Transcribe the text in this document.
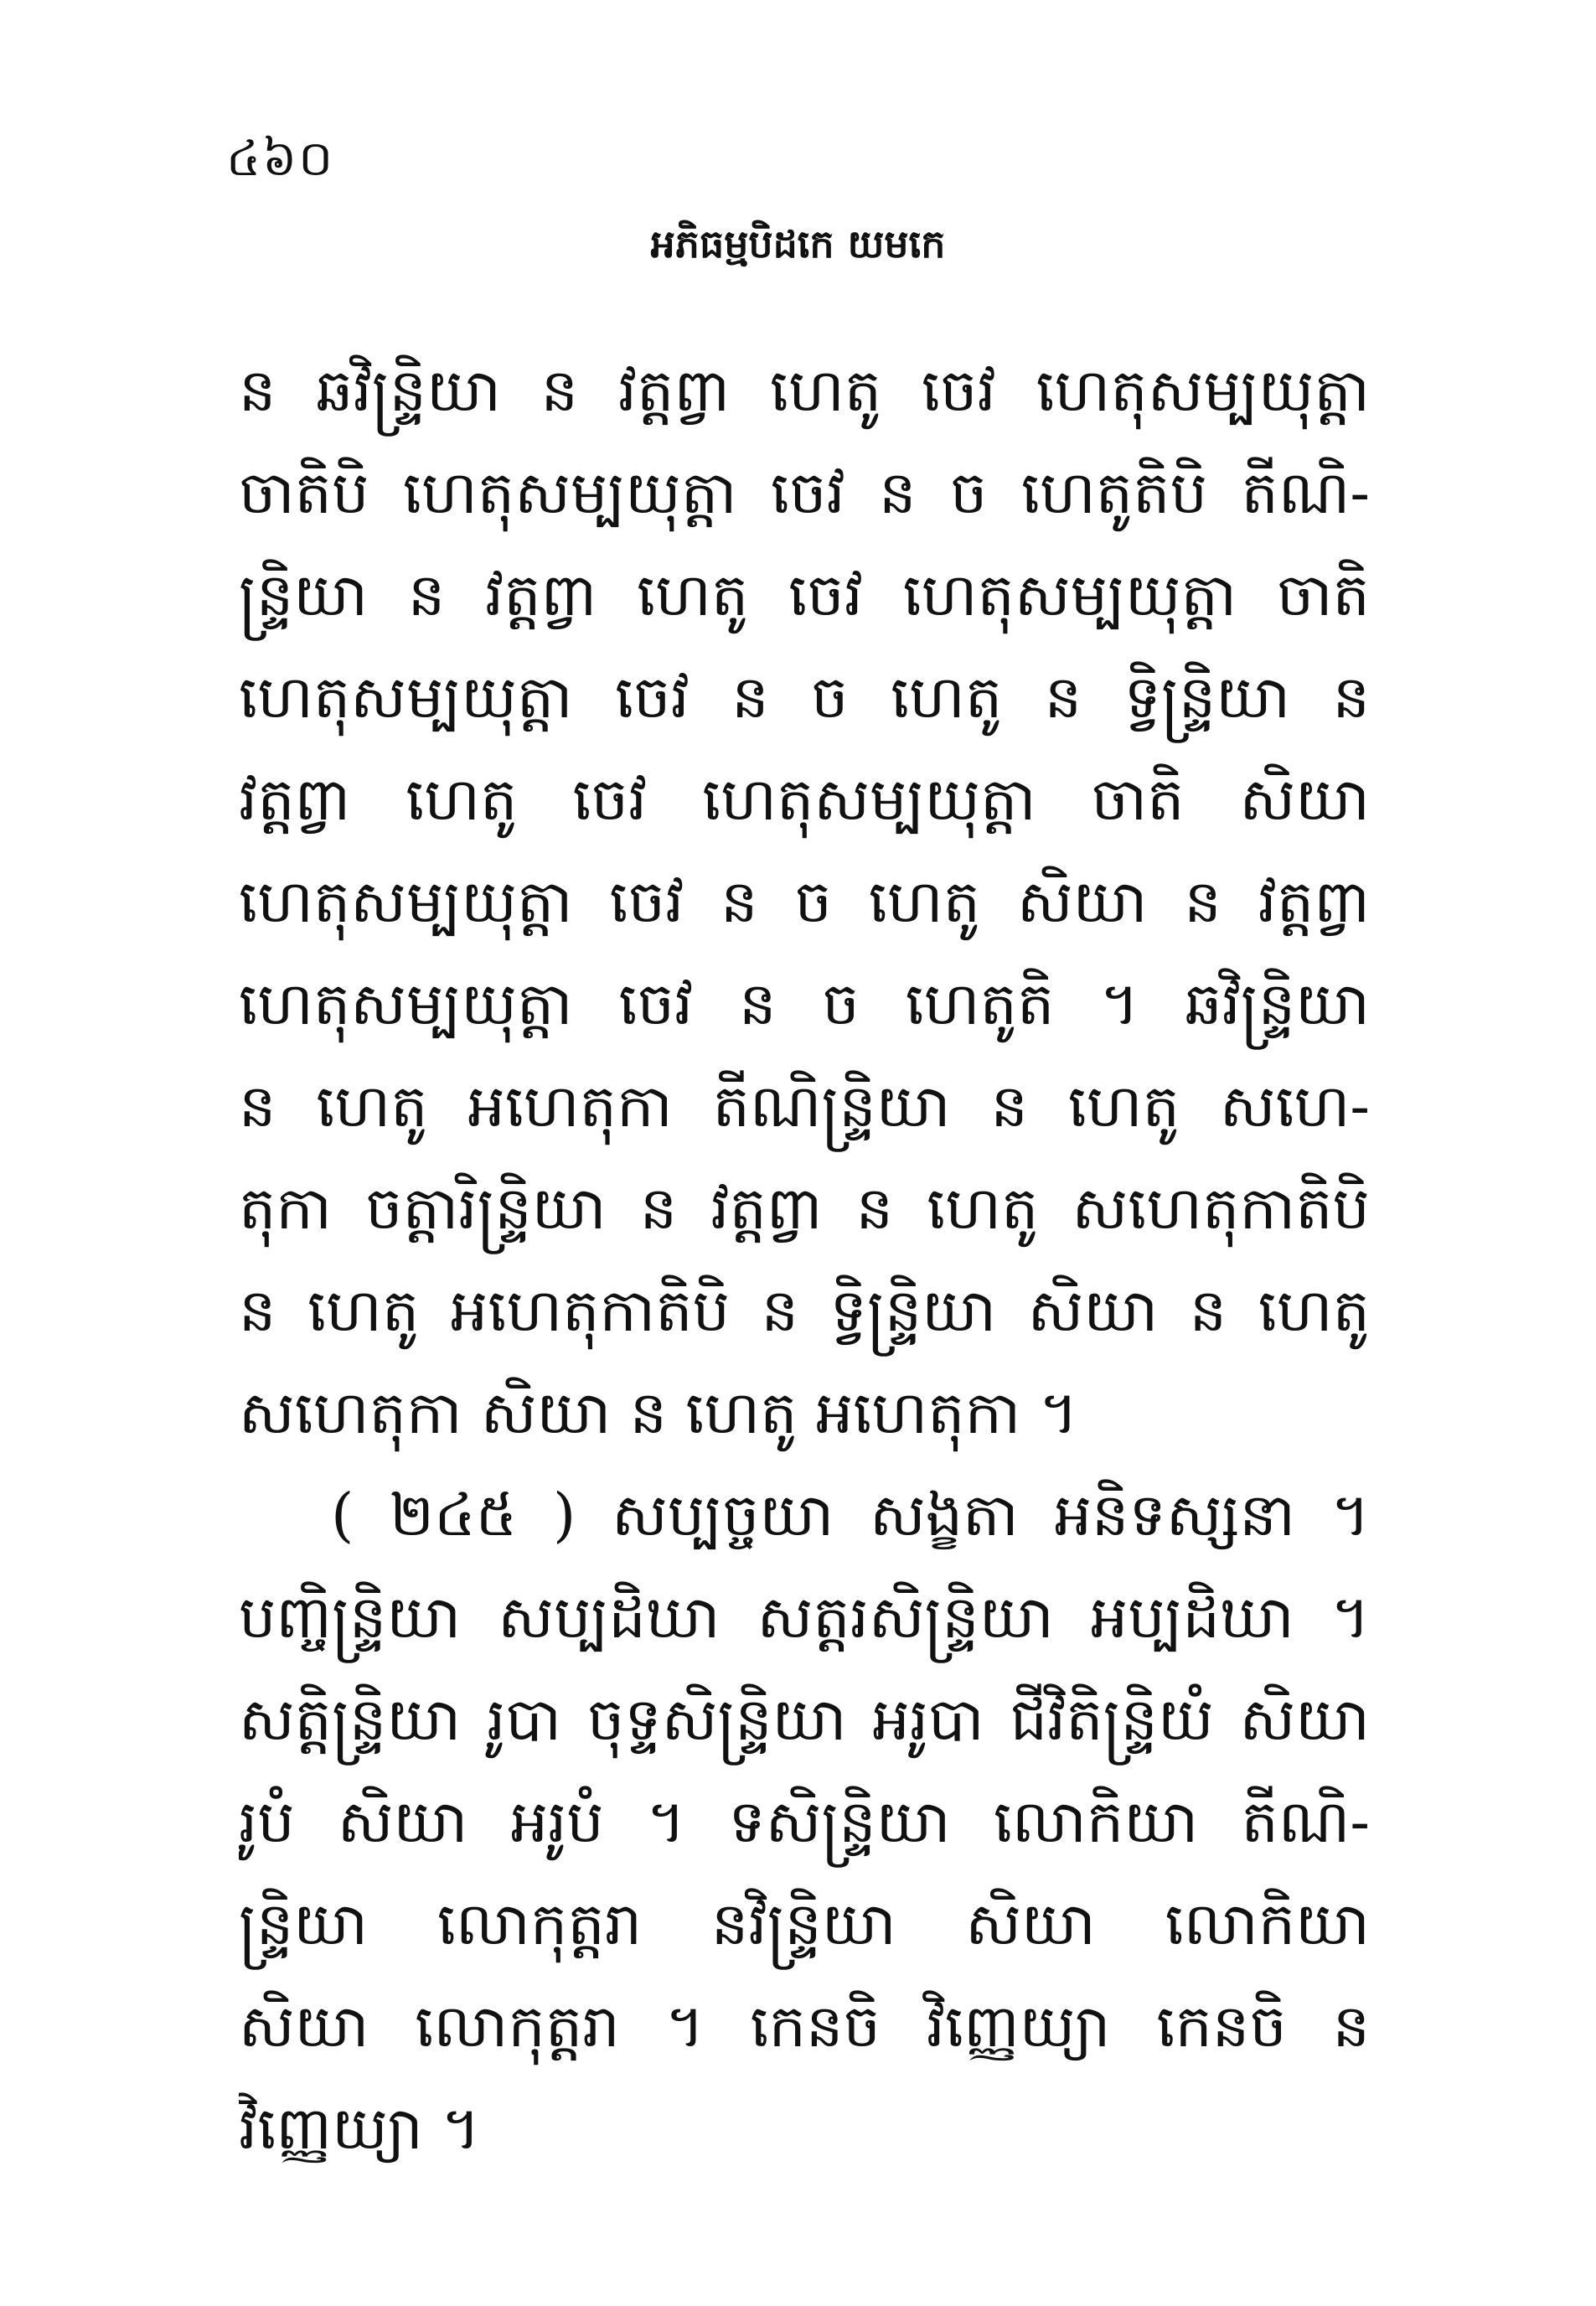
៤៦០
អភិធម្មបិដកេ យមកេ
ន ឆវិន្ទ្រិយា ន វត្តព្វា ហេតូ ចេវ ហេតុសម្បយុត្តា
ចាតិបិ ហេតុសម្បយុត្តា ចេវ ន ច ហេតូតិបិ តីណិ-
ន្ទ្រិយា ន វត្តព្វា ហេតូ ចេវ ហេតុសម្បយុត្តា ចាតិ
ហេតុសម្បយុត្តា ចេវ ន ច ហេតូ ន ទ្វិន្ទ្រិយា ន
វត្តព្វា ហេតូ ចេវ ហេតុសម្បយុត្តា ចាតិ សិយា
ហេតុសម្បយុត្តា ចេវ ន ច ហេតូ សិយា ន វត្តព្វា
ហេតុសម្បយុត្តា ចេវ ន ច ហេតូតិ ។ ឆវិន្ទ្រិយា
ន ហេតូ អហេតុកា តីណិន្ទ្រិយា ន ហេតូ សហេ-
តុកា ចត្តារិន្ទ្រិយា ន វត្តព្វា ន ហេតូ សហេតុកាតិបិ
ន ហេតូ អហេតុកាតិបិ ន ទ្វិន្ទ្រិយា សិយា ន ហេតូ
សហេតុកា សិយា ន ហេតូ អហេតុកា ។
( ២៤៥ ) សប្បច្ចយា សង្ខតា អនិទស្សនា ។
បញ្ចិន្ទ្រិយា សប្បដិឃា សត្តរសិន្ទ្រិយា អប្បដិឃា ។
សត្តិន្ទ្រិយា រូបា ចុទ្ទសិន្ទ្រិយា អរូបា ជីវិតិន្ទ្រិយំ សិយា
រូបំ សិយា អរូបំ ។ ទសិន្ទ្រិយា លោកិយា តីណិ-
ន្ទ្រិយា លោកុត្តរា នវិន្ទ្រិយា សិយា លោកិយា
សិយា លោកុត្តរា ។ កេនចិ វិញ្ញេយ្យា កេនចិ ន
វិញ្ញេយ្យា ។
